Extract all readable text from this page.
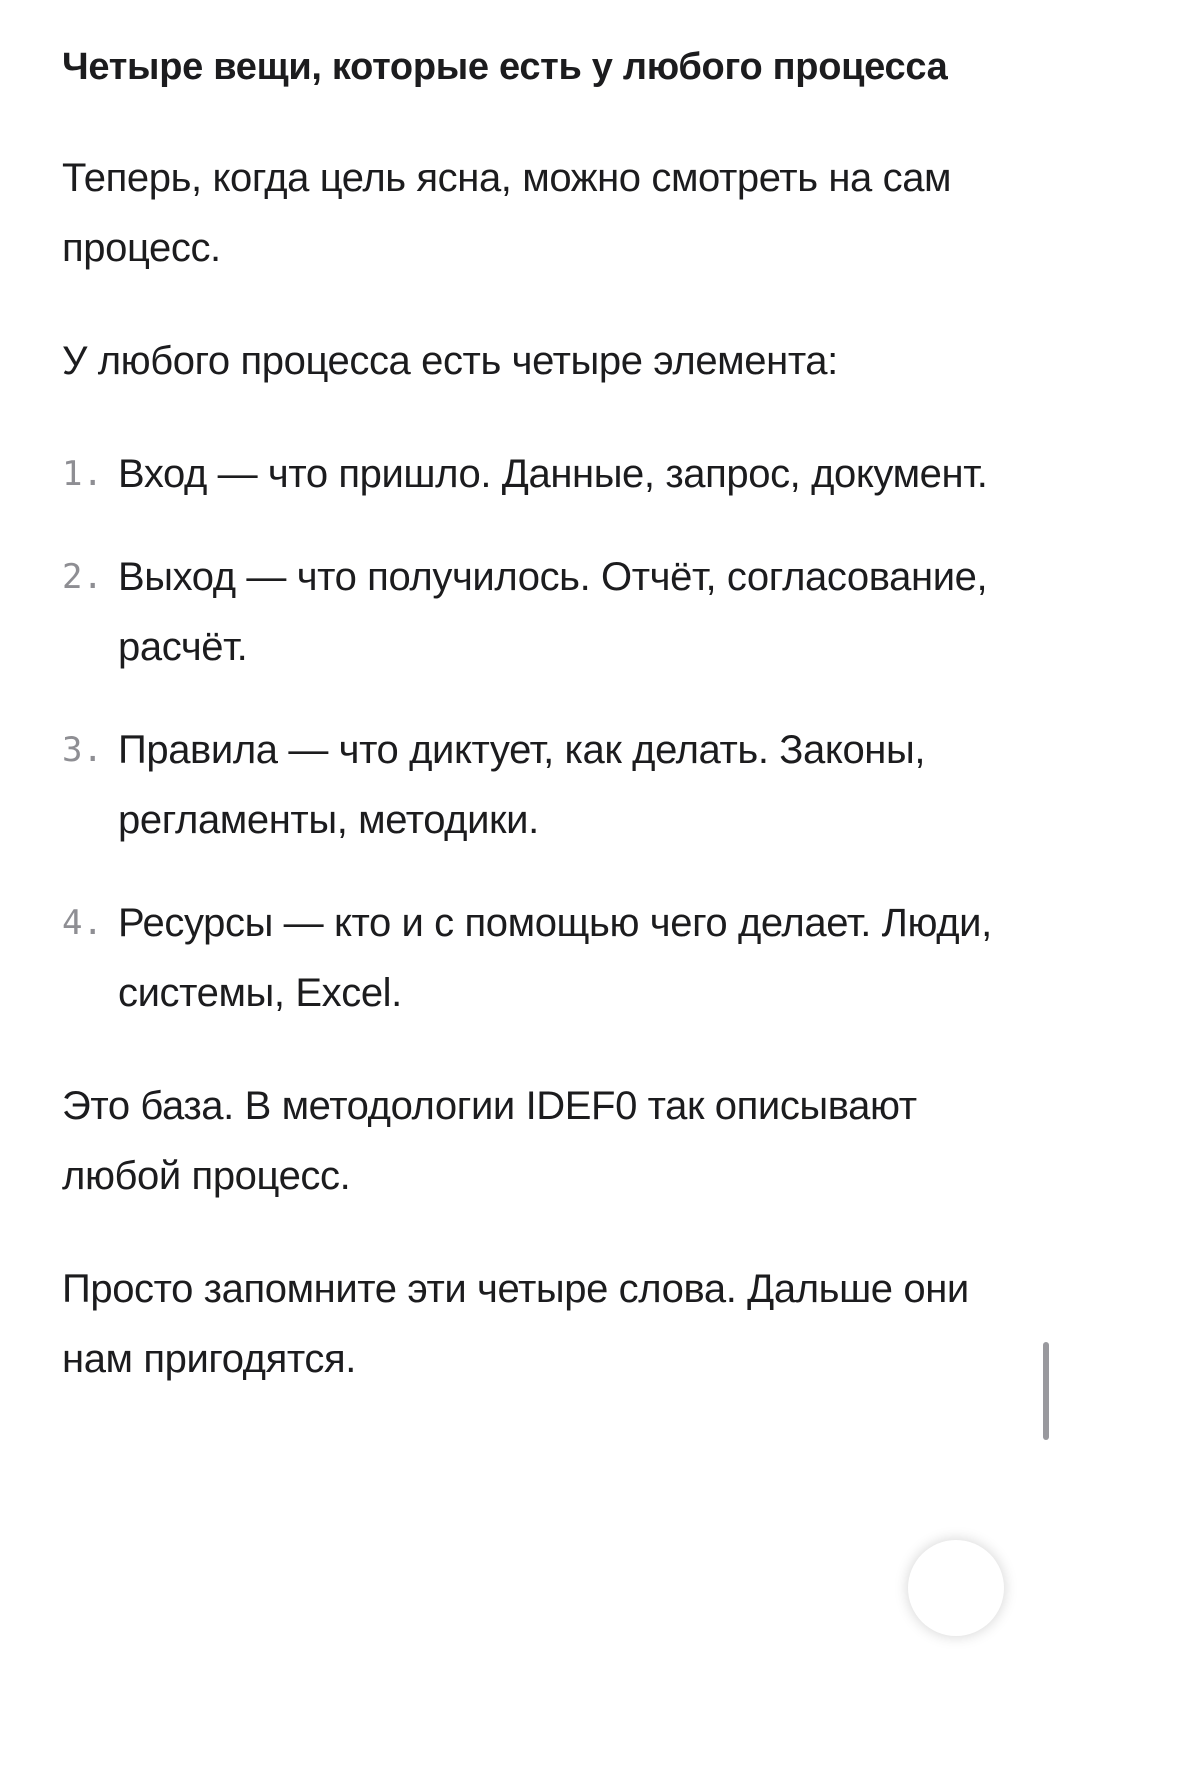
Четыре вещи, которые есть у любого процесса

Теперь, когда цель ясна, можно смотреть на сам процесс.

У любого процесса есть четыре элемента:

1. Вход — что пришло. Данные, запрос, документ.
2. Выход — что получилось. Отчёт, согласование, расчёт.
3. Правила — что диктует, как делать. Законы, регламенты, методики.
4. Ресурсы — кто и с помощью чего делает. Люди, системы, Excel.

Это база. В методологии IDEF0 так описывают любой процесс.

Просто запомните эти четыре слова. Дальше они нам пригодятся.
